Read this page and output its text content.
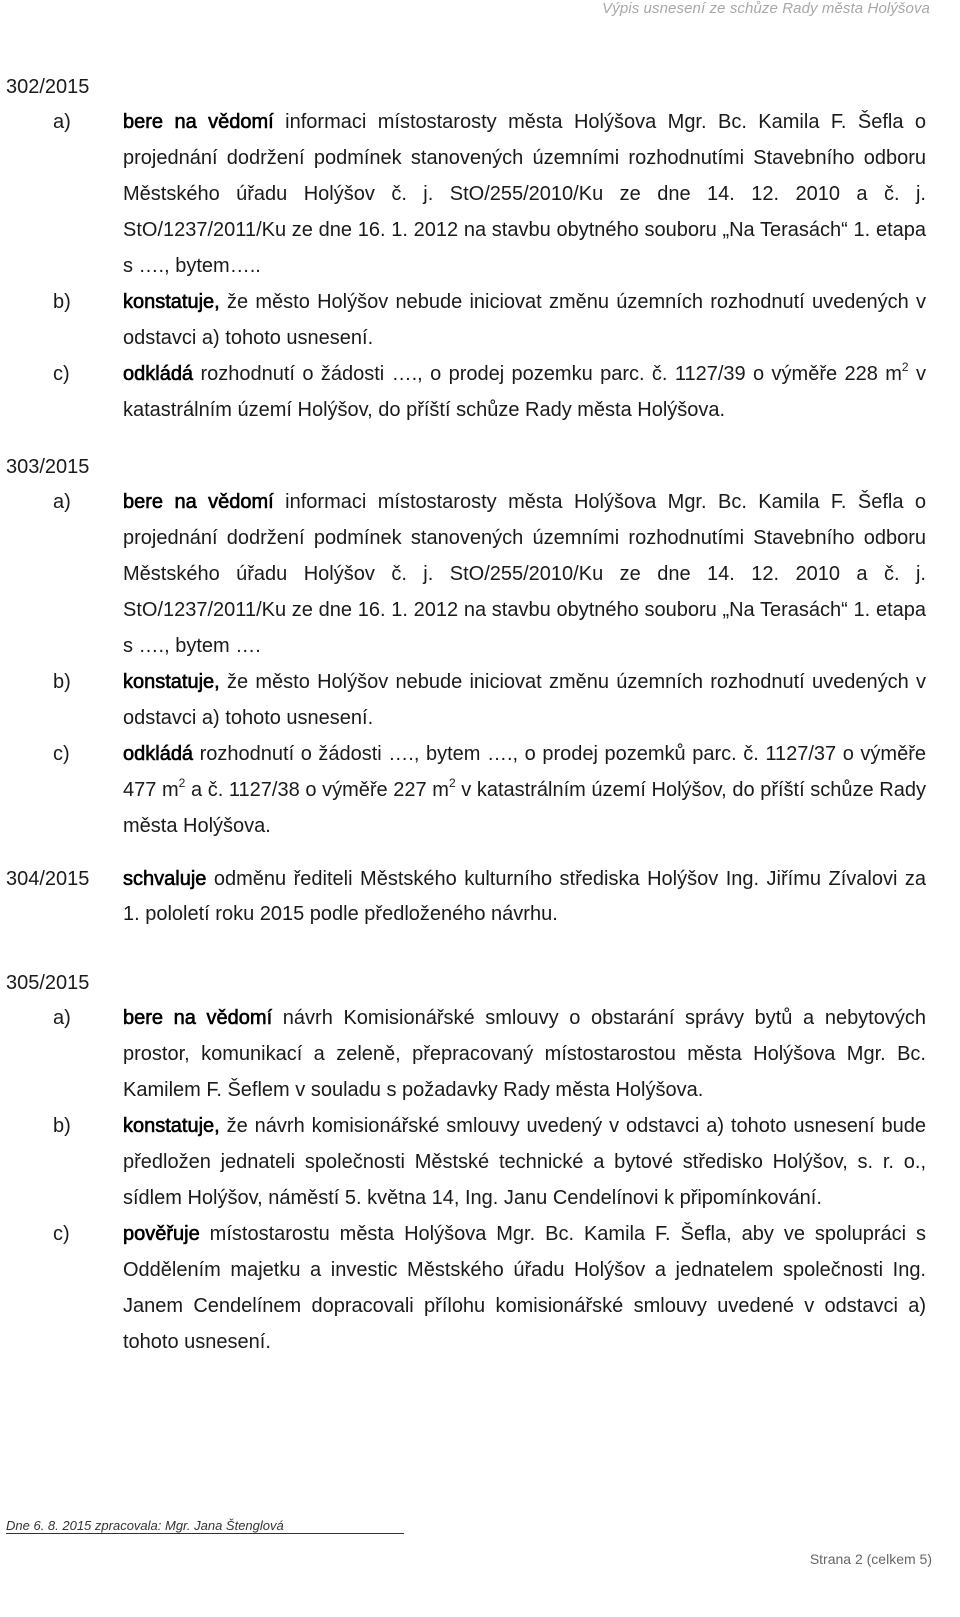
Výpis usnesení ze schůze Rady města Holýšova
302/2015
a)	bere na vědomí informaci místostarosty města Holýšova Mgr. Bc. Kamila F. Šefla o projednání dodržení podmínek stanovených územními rozhodnutími Stavebního odboru Městského úřadu Holýšov č. j. StO/255/2010/Ku ze dne 14. 12. 2010 a č. j. StO/1237/2011/Ku ze dne 16. 1. 2012 na stavbu obytného souboru „Na Terasách“ 1. etapa s …., bytem…..
b)	konstatuje, že město Holýšov nebude iniciovat změnu územních rozhodnutí uvedených v odstavci a) tohoto usnesení.
c)	odkládá rozhodnutí o žádosti …., o prodej pozemku parc. č. 1127/39 o výměře 228 $m^2$ v katastrálním území Holýšov, do příští schůze Rady města Holýšova.
303/2015
a)	bere na vědomí informaci místostarosty města Holýšova Mgr. Bc. Kamila F. Šefla o projednání dodržení podmínek stanovených územními rozhodnutími Stavebního odboru Městského úřadu Holýšov č. j. StO/255/2010/Ku ze dne 14. 12. 2010 a č. j. StO/1237/2011/Ku ze dne 16. 1. 2012 na stavbu obytného souboru „Na Terasách“ 1. etapa s …., bytem ….
b)	konstatuje, že město Holýšov nebude iniciovat změnu územních rozhodnutí uvedených v odstavci a) tohoto usnesení.
c)	odkládá rozhodnutí o žádosti …., bytem …., o prodej pozemků parc. č. 1127/37 o výměře 477 $m^2$ a č. 1127/38 o výměře 227 $m^2$ v katastrálním území Holýšov, do příští schůze Rady města Holýšova.
304/2015 schvaluje odměnu řediteli Městského kulturního střediska Holýšov Ing. Jiřímu Zívalovi za 1. pololetí roku 2015 podle předloženého návrhu.
305/2015
a)	bere na vědomí návrh Komisionářské smlouvy o obstarání správy bytů a nebytových prostor, komunikací a zeleně, přepracovaný místostarostou města Holýšova Mgr. Bc. Kamilem F. Šeflem v souladu s požadavky Rady města Holýšova.
b)	konstatuje, že návrh komisionářské smlouvy uvedený v odstavci a) tohoto usnesení bude předložen jednateli společnosti Městské technické a bytové středisko Holýšov, s. r. o., sídlem Holýšov, náměstí 5. května 14, Ing. Janu Cendelínovi k připomínkování.
c)	pověřuje místostarostu města Holýšova Mgr. Bc. Kamila F. Šefla, aby ve spolupráci s Oddělením majetku a investic Městského úřadu Holýšov a jednatelem společnosti Ing. Janem Cendelínem dopracovali přílohu komisionářské smlouvy uvedené v odstavci a) tohoto usnesení.
Dne 6. 8. 2015 zpracovala: Mgr. Jana Štenglová
Strana 2 (celkem 5)
